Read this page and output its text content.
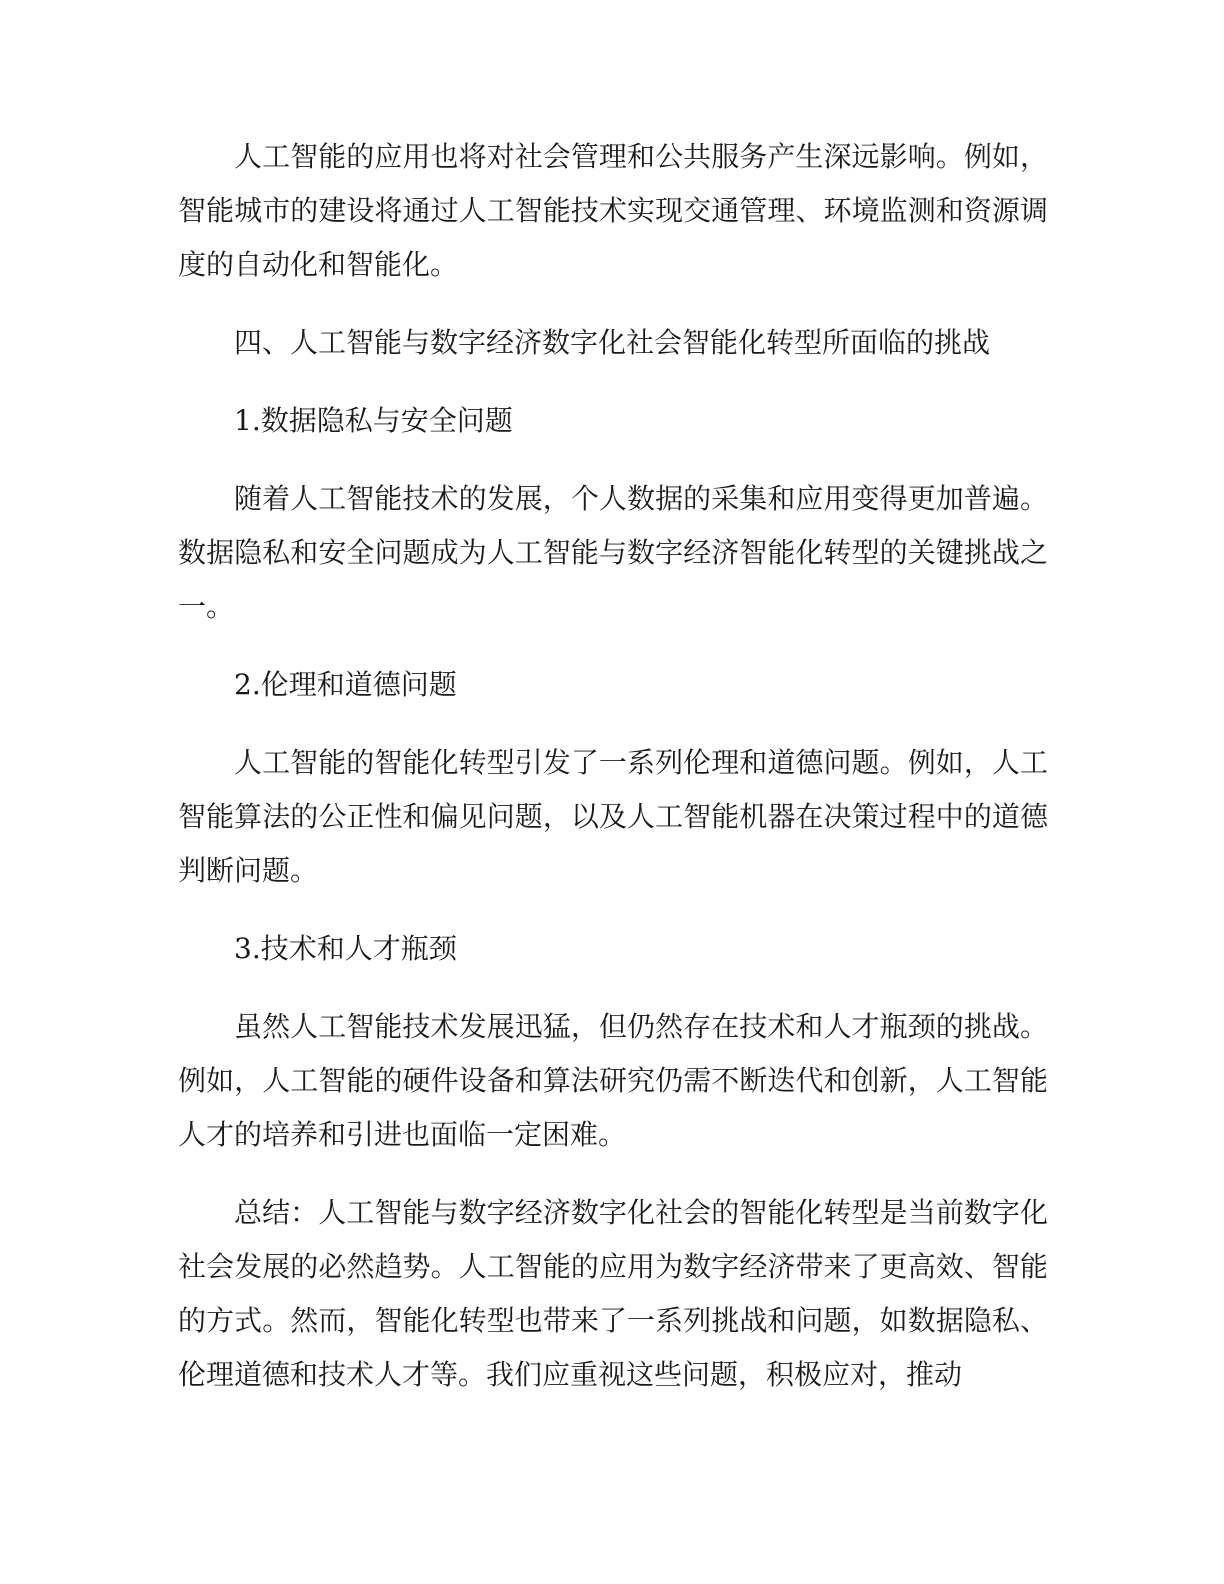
人工智能的应用也将对社会管理和公共服务产生深远影响。例如，智能城市的建设将通过人工智能技术实现交通管理、环境监测和资源调度的自动化和智能化。

四、人工智能与数字经济数字化社会智能化转型所面临的挑战

1.数据隐私与安全问题

随着人工智能技术的发展，个人数据的采集和应用变得更加普遍。数据隐私和安全问题成为人工智能与数字经济智能化转型的关键挑战之一。

2.伦理和道德问题

人工智能的智能化转型引发了一系列伦理和道德问题。例如，人工智能算法的公正性和偏见问题，以及人工智能机器在决策过程中的道德判断问题。

3.技术和人才瓶颈

虽然人工智能技术发展迅猛，但仍然存在技术和人才瓶颈的挑战。例如，人工智能的硬件设备和算法研究仍需不断迭代和创新，人工智能人才的培养和引进也面临一定困难。

总结：人工智能与数字经济数字化社会的智能化转型是当前数字化社会发展的必然趋势。人工智能的应用为数字经济带来了更高效、智能的方式。然而，智能化转型也带来了一系列挑战和问题，如数据隐私、伦理道德和技术人才等。我们应重视这些问题，积极应对，推动
